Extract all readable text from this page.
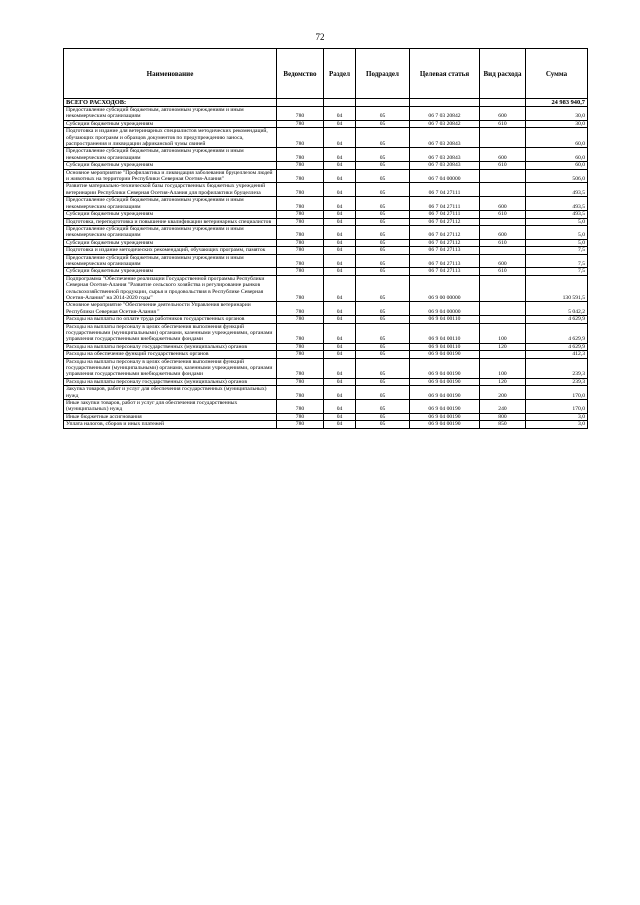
72
Наименование	Ведомство	Раздел	Подраздел	Целевая статья	Вид расхода	Сумма
ВСЕГО РАСХОДОВ:						24 983 940,7
Предоставление субсидий бюджетным, автономным учреждениям и иным некоммерческим организациям	780	04	05	06 7 03 20842	600	30,0
Субсидии бюджетным учреждениям	780	04	05	06 7 03 20842	610	30,0
Подготовка и издание для ветеринарных специалистов методических рекомендаций, обучающих программ и образцов документов по предупреждению заноса, распространения и ликвидации африканской чумы свиней	780	04	05	06 7 03 20843		60,0
Предоставление субсидий бюджетным, автономным учреждениям и иным некоммерческим организациям	780	04	05	06 7 03 20843	600	60,0
Субсидии бюджетным учреждениям	780	04	05	06 7 03 20843	610	60,0
Основное мероприятие "Профилактика и ликвидация заболевания бруцеллезом людей и животных на территории Республики Северная Осетия-Алания"	780	04	05	06 7 04 00000		506,0
Развитие материально-технической базы государственных бюджетных учреждений ветеринарии Республики Северная Осетия-Алания для профилактики бруцеллеза	780	04	05	06 7 04 27111		493,5
Предоставление субсидий бюджетным, автономным учреждениям и иным некоммерческим организациям	780	04	05	06 7 04 27111	600	493,5
Субсидии бюджетным учреждениям	780	04	05	06 7 04 27111	610	493,5
Подготовка, переподготовка и повышение квалификации ветеринарных специалистов	780	04	05	06 7 04 27112		5,0
Предоставление субсидий бюджетным, автономным учреждениям и иным некоммерческим организациям	780	04	05	06 7 04 27112	600	5,0
Субсидии бюджетным учреждениям	780	04	05	06 7 04 27112	610	5,0
Подготовка и издание методических рекомендаций, обучающих программ, памяток	780	04	05	06 7 04 27113		7,5
Предоставление субсидий бюджетным, автономным учреждениям и иным некоммерческим организациям	780	04	05	06 7 04 27113	600	7,5
Субсидии бюджетным учреждениям	780	04	05	06 7 04 27113	610	7,5
Подпрограмма "Обеспечение реализации Государственной программы Республики Северная Осетия-Алания "Развитие сельского хозяйства и регулирование рынков сельскохозяйственной продукции, сырья и продовольствия в Республике Северная Осетия-Алания" на 2014-2020 годы"	780	04	05	06 9 00 00000		130 591,5
Основное мероприятие "Обеспечение деятельности Управления ветеринарии Республики Северная Осетия-Алания "	780	04	05	06 9 04 00000		5 042,2
Расходы на выплаты по оплате труда работников государственных органов	780	04	05	06 9 04 00110		4 629,9
Расходы на выплаты персоналу в целях обеспечения выполнения функций государственными (муниципальными) органами, казенными учреждениями, органами управления государственными внебюджетными фондами	780	04	05	06 9 04 00110	100	4 629,9
Расходы на выплаты персоналу государственных (муниципальных) органов	780	04	05	06 9 04 00110	120	4 629,9
Расходы на обеспечение функций государственных органов	780	04	05	06 9 04 00190		412,3
Расходы на выплаты персоналу в целях обеспечения выполнения функций государственными (муниципальными) органами, казенными учреждениями, органами управления государственными внебюджетными фондами	780	04	05	06 9 04 00190	100	239,3
Расходы на выплаты персоналу государственных (муниципальных) органов	780	04	05	06 9 04 00190	120	239,3
Закупка товаров, работ и услуг для обеспечения государственных (муниципальных) нужд	780	04	05	06 9 04 00190	200	170,0
Иные закупки товаров, работ и услуг для обеспечения государственных (муниципальных) нужд	780	04	05	06 9 04 00190	240	170,0
Иные бюджетные ассигнования	780	04	05	06 9 04 00190	800	3,0
Уплата налогов, сборов и иных платежей	780	04	05	06 9 04 00190	850	3,0
